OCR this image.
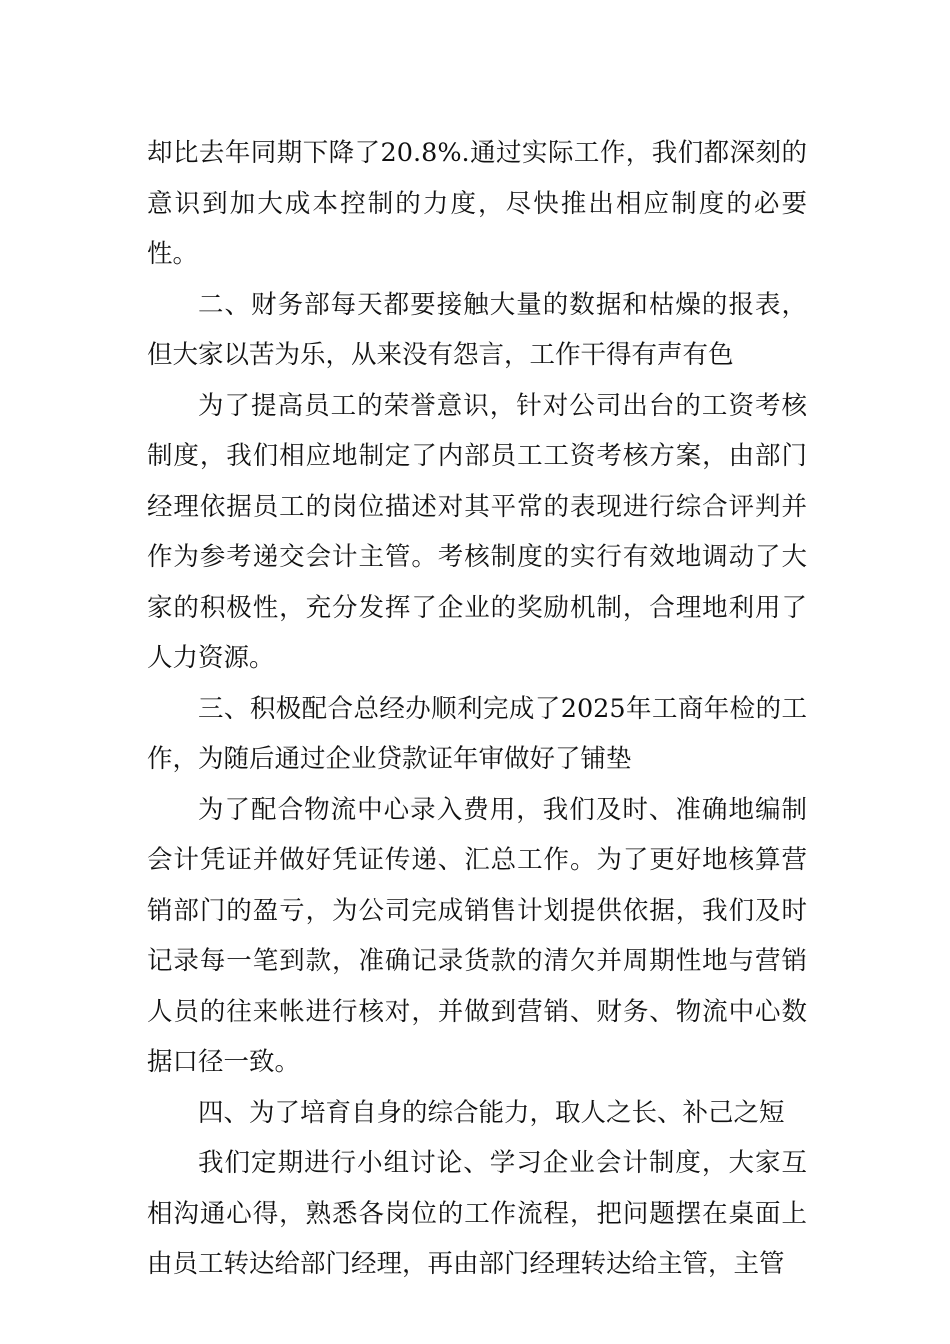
却比去年同期下降了20.8%.通过实际工作，我们都深刻的意识到加大成本控制的力度，尽快推出相应制度的必要性。

二、财务部每天都要接触大量的数据和枯燥的报表，但大家以苦为乐，从来没有怨言，工作干得有声有色

为了提高员工的荣誉意识，针对公司出台的工资考核制度，我们相应地制定了内部员工工资考核方案，由部门经理依据员工的岗位描述对其平常的表现进行综合评判并作为参考递交会计主管。考核制度的实行有效地调动了大家的积极性，充分发挥了企业的奖励机制，合理地利用了人力资源。

三、积极配合总经办顺利完成了2025年工商年检的工作，为随后通过企业贷款证年审做好了铺垫

为了配合物流中心录入费用，我们及时、准确地编制会计凭证并做好凭证传递、汇总工作。为了更好地核算营销部门的盈亏，为公司完成销售计划提供依据，我们及时记录每一笔到款，准确记录货款的清欠并周期性地与营销人员的往来帐进行核对，并做到营销、财务、物流中心数据口径一致。

四、为了培育自身的综合能力，取人之长、补己之短

我们定期进行小组讨论、学习企业会计制度，大家互相沟通心得，熟悉各岗位的工作流程，把问题摆在桌面上由员工转达给部门经理，再由部门经理转达给主管，主管
